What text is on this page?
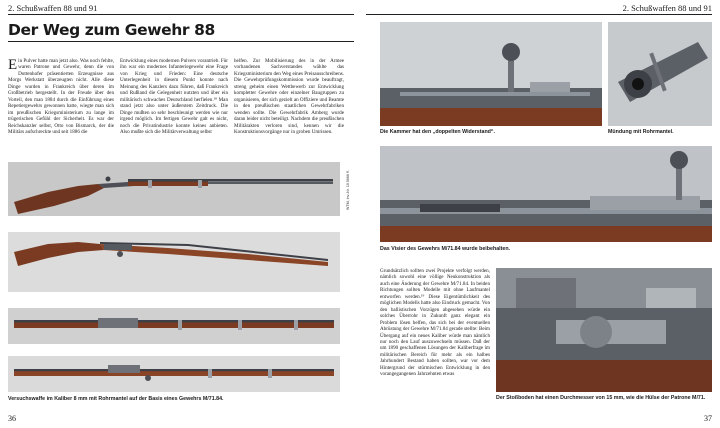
2. Schußwaffen 88 und 91	2. Schußwaffen 88 und 91
Der Weg zum Gewehr 88
Ein Pulver hatte man jetzt also. Was noch fehlte, waren Patrone und Gewehr, denn die von Duttenhofer präsentierten Erzeugnisse aus Morgs Werkstatt überzeugten nicht. Alle diese Dinge wurden in Frankreich über deren im Großbetrieb hergestellt. In der Freude über den Vorteil, den man 1884 durch die Einführung eines Repetiergewehrs gewonnen hatte, wiegte man sich im preußischen Kriegsministerium zu lange im trügerischen Gefühl der Sicherheit. Es war der Reichskanzler selbst, Otto von Bismarck, der die Militärs aufschreckte und seit 1886 die
Entwicklung eines modernen Pulvers vorantrieb. Für ihn war ein modernes Infanteriegewehr eine Frage von Krieg und Frieden: Eine deutsche Unterlegenheit in diesem Punkt konnte nach Meinung des Kanzlers dazu führen, daß Frankreich und Rußland die Gelegenheit nutzten und über ein militärisch schwaches Deutschland herfielen.¹⁸ Man stand jetzt also unter äußerstem Zeitdruck. Die Dinge mußten so sehr beschleunigt werden wie nur irgend möglich. Im fertigen Gewehr galt es nicht, noch die Privatindustrie konnte keines anbieten. Also mußte sich die Militärverwaltung selbst
helfen. Zur Mobilisierung des in der Armee vorhandenen Sachverstandes wählte das Kriegsministerium den Weg eines Preisausschreibens. Die Gewehrprüfungskommission wurde beauftragt, streng geheim einen Wettbewerb zur Entwicklung kompletter Gewehre oder einzelner Baugruppen zu organisieren, der sich gezielt an Offiziere und Beamte in den preußischen staatlichen Gewehrfabriken wenden sollte. Die Gewehrfabrik Amberg wurde daran leider nicht beteiligt. Nachdem die preußischen Militärakten verloren sind, kennen wir die Konstruktionsvorgänge nur in groben Umrissen.
WTM, Inv.-Nr. 10.5666 ff.
Versuchswaffe im Kaliber 8 mm mit Rohrmantel auf der Basis eines Gewehrs M/71.84.
Die Kammer hat den „doppelten Widerstand“.	Mündung mit Rohrmantel.
Das Visier des Gewehrs M/71.84 wurde beibehalten.
Grundsätzlich sollten zwei Projekte verfolgt werden, nämlich sowohl eine völlige Neukonstruktion als auch eine Änderung der Gewehre M/71.84. In beiden Richtungen sollten Modelle mit ohne Laufmantel entworfen werden.¹⁹ Diese Eigentümlichkeit des möglichen Modells hatte also Eindruck gemacht. Von den ballistischen Vorzügen abgesehen würde ein solches Überrohr in Zukunft ganz elegant ein Problem lösen helfen, das sich bei der eventuellen Abrüstung der Gewehre M/71.84 gerade stellte: Beim Übergang auf ein neues Kaliber würde man nämlich nur noch den Lauf auszuwechseln müssen. Daß der um 1890 geschaffenen Lösungen der Kaliberfrage im militärischen Bereich für mehr als ein halbes Jahrhundert Bestand haben sollten, war vor dem Hintergrund der stürmischen Entwicklung in den vorangegangenen Jahrzehnten etwas
Der Stoßboden hat einen Durchmesser von 15 mm, wie die Hülse der Patrone M/71.
36	37
